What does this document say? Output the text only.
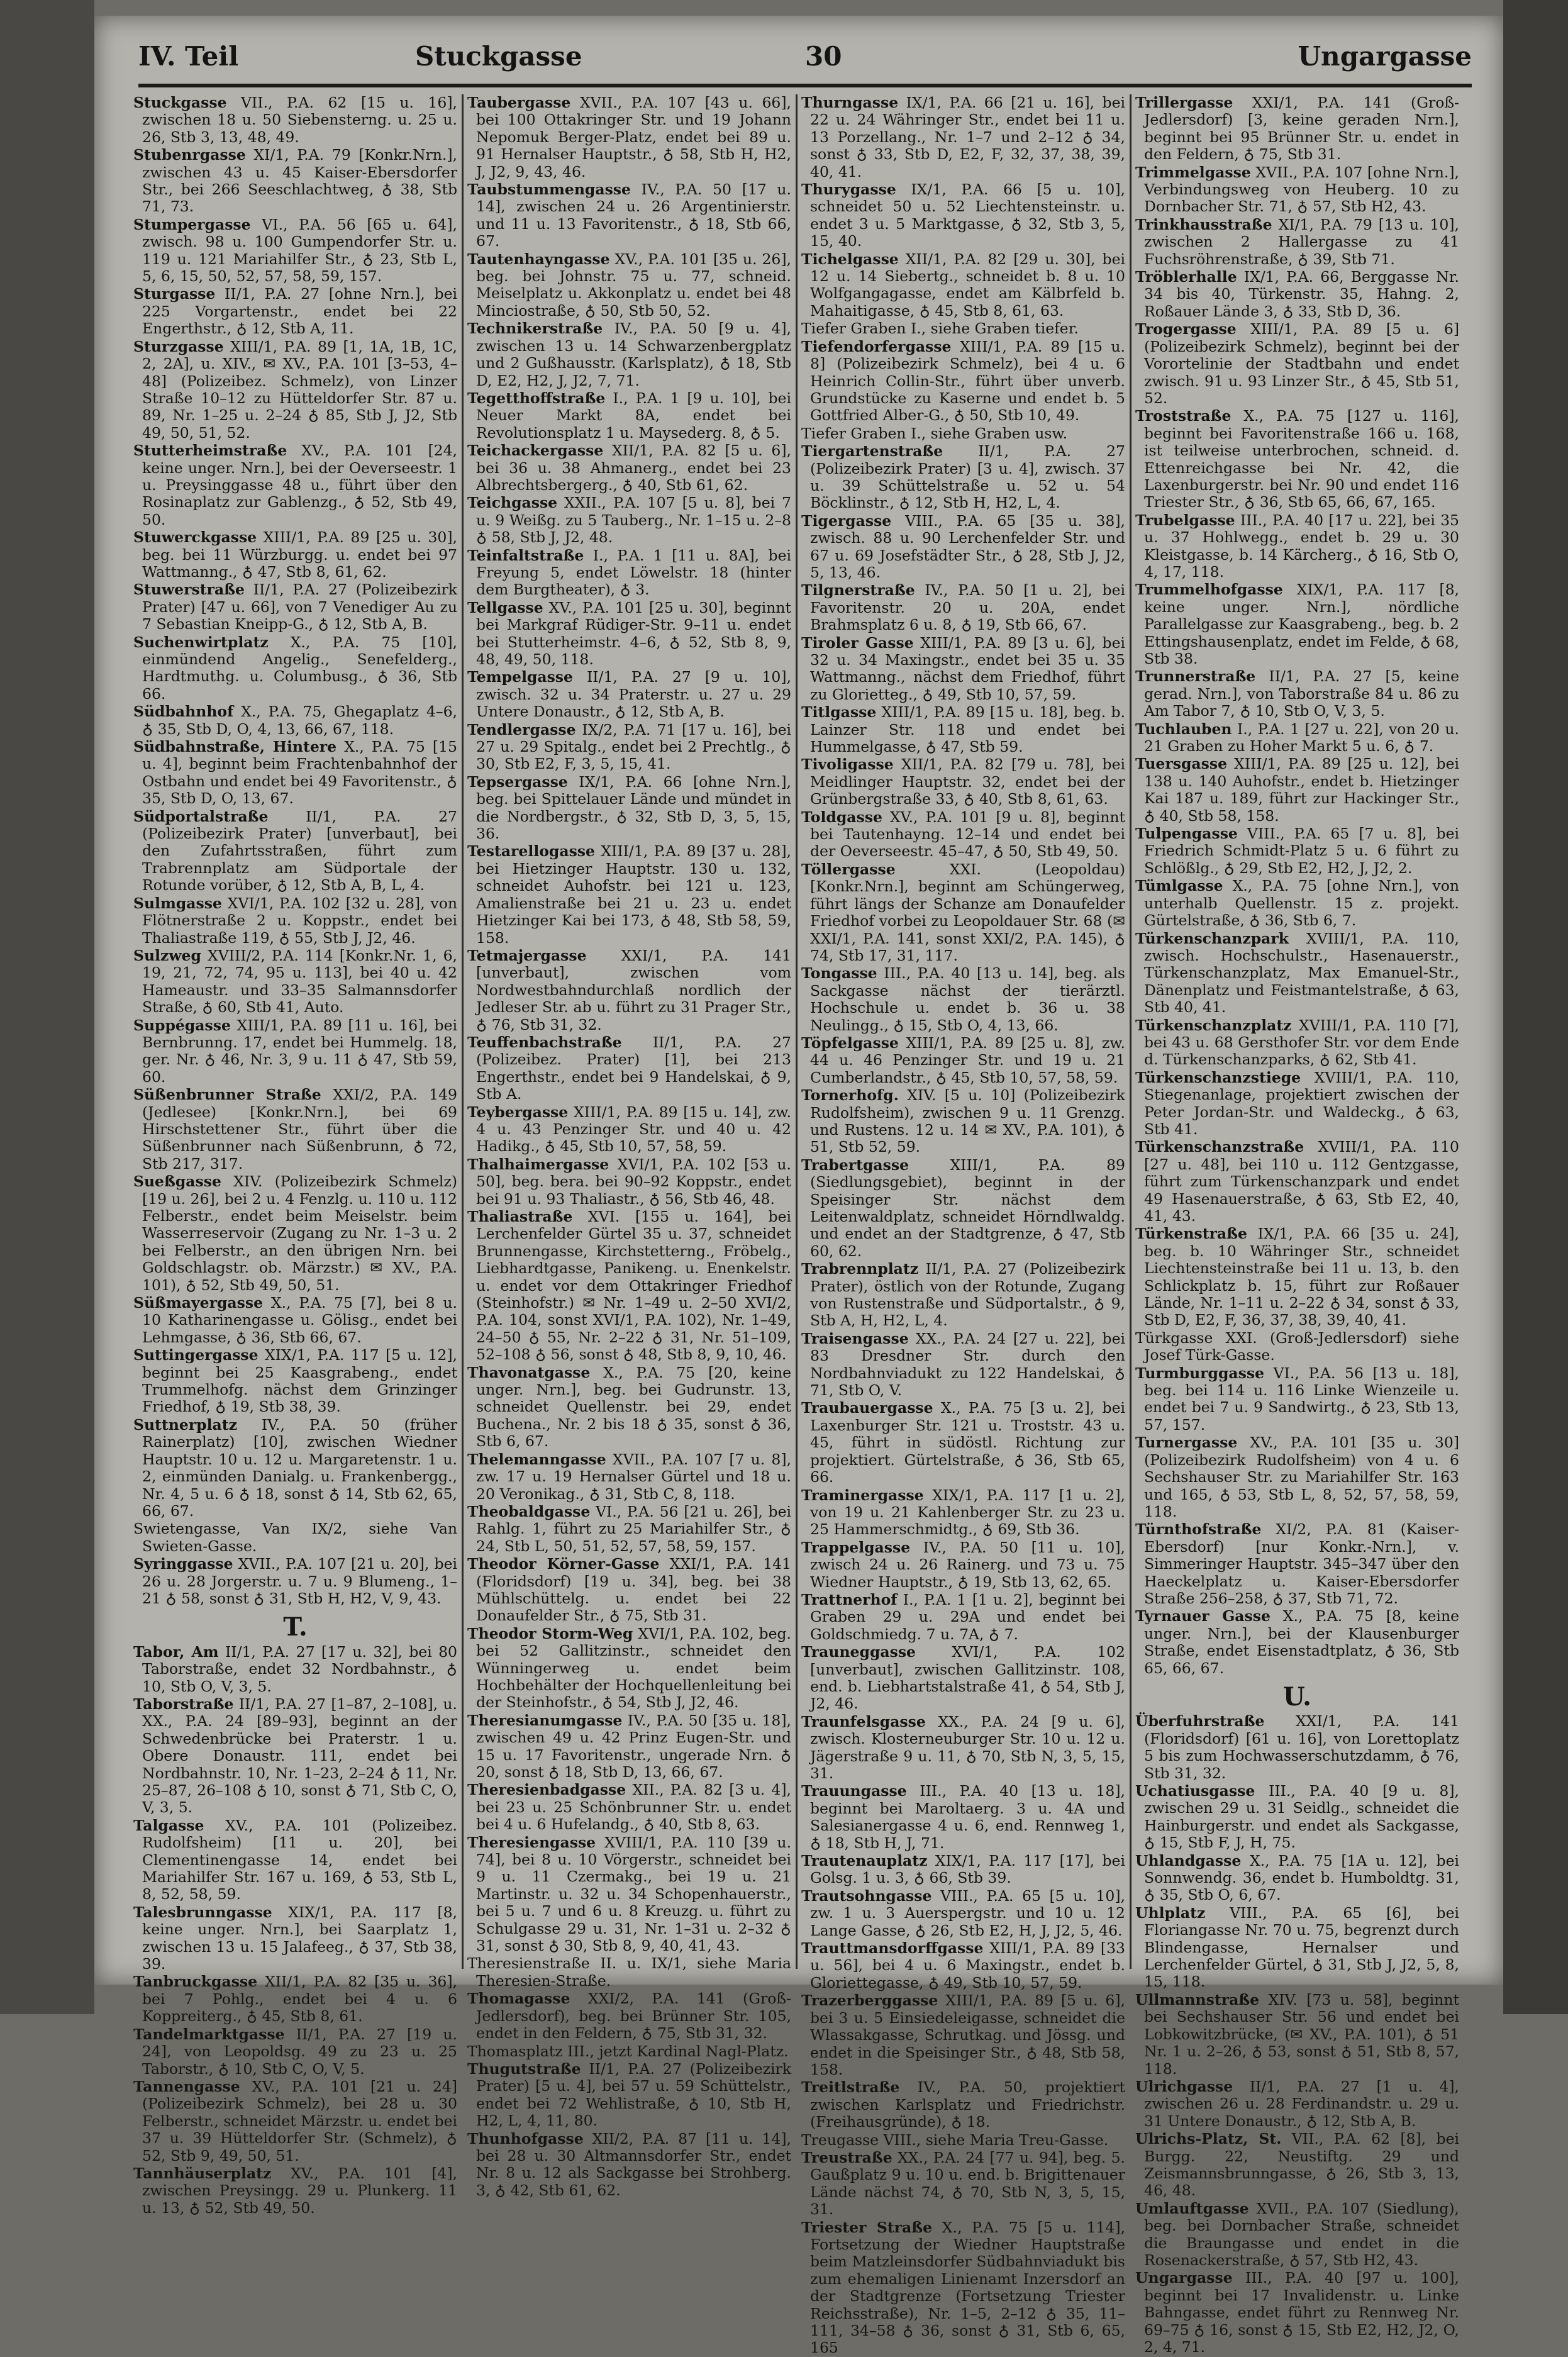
IV. Teil	Stuckgasse	30	Ungargasse
Stuckgasse VII., P.A. 62 [15 u. 16], zwischen 18 u. 50 Siebensterng. u. 25 u. 26, Stb 3, 13, 48, 49.
Stubenrgasse XI/1, P.A. 79 [Konkr.Nrn.], zwischen 43 u. 45 Kaiser-Ebersdorfer Str., bei 266 Seeschlachtweg, ♁ 38, Stb 71, 73.
Stumpergasse VI., P.A. 56 [65 u. 64], zwisch. 98 u. 100 Gumpendorfer Str. u. 119 u. 121 Mariahilfer Str., ♁ 23, Stb L, 5, 6, 15, 50, 52, 57, 58, 59, 157.
Sturgasse II/1, P.A. 27 [ohne Nrn.], bei 225 Vorgartenstr., endet bei 22 Engerthstr., ♁ 12, Stb A, 11.
Sturzgasse XIII/1, P.A. 89 [1, 1A, 1B, 1C, 2, 2A], u. XIV., ✉ XV., P.A. 101 [3–53, 4–48] (Polizeibez. Schmelz), von Linzer Straße 10–12 zu Hütteldorfer Str. 87 u. 89, Nr. 1–25 u. 2–24 ♁ 85, Stb J, J2, Stb 49, 50, 51, 52.
Stutterheimstraße XV., P.A. 101 [24, keine unger. Nrn.], bei der Oeverseestr. 1 u. Preysinggasse 48 u., führt über den Rosinaplatz zur Gablenzg., ♁ 52, Stb 49, 50.
Stuwerckgasse XIII/1, P.A. 89 [25 u. 30], beg. bei 11 Würzburgg. u. endet bei 97 Wattmanng., ♁ 47, Stb 8, 61, 62.
Stuwerstraße II/1, P.A. 27 (Polizeibezirk Prater) [47 u. 66], von 7 Venediger Au zu 7 Sebastian Kneipp-G., ♁ 12, Stb A, B.
Suchenwirtplatz X., P.A. 75 [10], einmündend Angelig., Senefelderg., Hardtmuthg. u. Columbusg., ♁ 36, Stb 66.
Südbahnhof X., P.A. 75, Ghegaplatz 4–6, ♁ 35, Stb D, O, 4, 13, 66, 67, 118.
Südbahnstraße, Hintere X., P.A. 75 [15 u. 4], beginnt beim Frachtenbahnhof der Ostbahn und endet bei 49 Favoritenstr., ♁ 35, Stb D, O, 13, 67.
Südportalstraße II/1, P.A. 27 (Polizeibezirk Prater) [unverbaut], bei den Zufahrtsstraßen, führt zum Trabrennplatz am Südportale der Rotunde vorüber, ♁ 12, Stb A, B, L, 4.
Sulmgasse XVI/1, P.A. 102 [32 u. 28], von Flötnerstraße 2 u. Koppstr., endet bei Thaliastraße 119, ♁ 55, Stb J, J2, 46.
Sulzweg XVIII/2, P.A. 114 [Konkr.Nr. 1, 6, 19, 21, 72, 74, 95 u. 113], bei 40 u. 42 Hameaustr. und 33–35 Salmannsdorfer Straße, ♁ 60, Stb 41, Auto.
Suppégasse XIII/1, P.A. 89 [11 u. 16], bei Bernbrunng. 17, endet bei Hummelg. 18, ger. Nr. ♁ 46, Nr. 3, 9 u. 11 ♁ 47, Stb 59, 60.
Süßenbrunner Straße XXI/2, P.A. 149 (Jedlesee) [Konkr.Nrn.], bei 69 Hirschstettener Str., führt über die Süßenbrunner nach Süßenbrunn, ♁ 72, Stb 217, 317.
Sueßgasse XIV. (Polizeibezirk Schmelz) [19 u. 26], bei 2 u. 4 Fenzlg. u. 110 u. 112 Felberstr., endet beim Meiselstr. beim Wasserreservoir (Zugang zu Nr. 1–3 u. 2 bei Felberstr., an den übrigen Nrn. bei Goldschlagstr. ob. Märzstr.) ✉ XV., P.A. 101), ♁ 52, Stb 49, 50, 51.
Süßmayergasse X., P.A. 75 [7], bei 8 u. 10 Katharinengasse u. Gölisg., endet bei Lehmgasse, ♁ 36, Stb 66, 67.
Suttingergasse XIX/1, P.A. 117 [5 u. 12], beginnt bei 25 Kaasgrabeng., endet Trummelhofg. nächst dem Grinzinger Friedhof, ♁ 19, Stb 38, 39.
Suttnerplatz IV., P.A. 50 (früher Rainerplatz) [10], zwischen Wiedner Hauptstr. 10 u. 12 u. Margaretenstr. 1 u. 2, einmünden Danialg. u. Frankenbergg., Nr. 4, 5 u. 6 ♁ 18, sonst ♁ 14, Stb 62, 65, 66, 67.
Swietengasse, Van IX/2, siehe Van Swieten-Gasse.
Syringgasse XVII., P.A. 107 [21 u. 20], bei 26 u. 28 Jorgerstr. u. 7 u. 9 Blumeng., 1–21 ♁ 58, sonst ♁ 31, Stb H, H2, V, 9, 43.
T.
Tabor, Am II/1, P.A. 27 [17 u. 32], bei 80 Taborstraße, endet 32 Nordbahnstr., ♁ 10, Stb O, V, 3, 5.
Taborstraße II/1, P.A. 27 [1–87, 2–108], u. XX., P.A. 24 [89–93], beginnt an der Schwedenbrücke bei Praterstr. 1 u. Obere Donaustr. 111, endet bei Nordbahnstr. 10, Nr. 1–23, 2–24 ♁ 11, Nr. 25–87, 26–108 ♁ 10, sonst ♁ 71, Stb C, O, V, 3, 5.
Talgasse XV., P.A. 101 (Polizeibez. Rudolfsheim) [11 u. 20], bei Clementinengasse 14, endet bei Mariahilfer Str. 167 u. 169, ♁ 53, Stb L, 8, 52, 58, 59.
Talesbrunngasse XIX/1, P.A. 117 [8, keine unger. Nrn.], bei Saarplatz 1, zwischen 13 u. 15 Jalafeeg., ♁ 37, Stb 38, 39.
Tanbruckgasse XII/1, P.A. 82 [35 u. 36], bei 7 Pohlg., endet bei 4 u. 6 Koppreiterg., ♁ 45, Stb 8, 61.
Tandelmarktgasse II/1, P.A. 27 [19 u. 24], von Leopoldsg. 49 zu 23 u. 25 Taborstr., ♁ 10, Stb C, O, V, 5.
Tannengasse XV., P.A. 101 [21 u. 24] (Polizeibezirk Schmelz), bei 28 u. 30 Felberstr., schneidet Märzstr. u. endet bei 37 u. 39 Hütteldorfer Str. (Schmelz), ♁ 52, Stb 9, 49, 50, 51.
Tannhäuserplatz XV., P.A. 101 [4], zwischen Preysingg. 29 u. Plunkerg. 11 u. 13, ♁ 52, Stb 49, 50.
Taubergasse XVII., P.A. 107 [43 u. 66], bei 100 Ottakringer Str. und 19 Johann Nepomuk Berger-Platz, endet bei 89 u. 91 Hernalser Hauptstr., ♁ 58, Stb H, H2, J, J2, 9, 43, 46.
Taubstummengasse IV., P.A. 50 [17 u. 14], zwischen 24 u. 26 Argentinierstr. und 11 u. 13 Favoritenstr., ♁ 18, Stb 66, 67.
Tautenhayngasse XV., P.A. 101 [35 u. 26], beg. bei Johnstr. 75 u. 77, schneid. Meiselplatz u. Akkonplatz u. endet bei 48 Minciostraße, ♁ 50, Stb 50, 52.
Technikerstraße IV., P.A. 50 [9 u. 4], zwischen 13 u. 14 Schwarzenbergplatz und 2 Gußhausstr. (Karlsplatz), ♁ 18, Stb D, E2, H2, J, J2, 7, 71.
Tegetthoffstraße I., P.A. 1 [9 u. 10], bei Neuer Markt 8A, endet bei Revolutionsplatz 1 u. Maysederg. 8, ♁ 5.
Teichackergasse XII/1, P.A. 82 [5 u. 6], bei 36 u. 38 Ahmanerg., endet bei 23 Albrechtsbergerg., ♁ 40, Stb 61, 62.
Teichgasse XXII., P.A. 107 [5 u. 8], bei 7 u. 9 Weißg. zu 5 Tauberg., Nr. 1–15 u. 2–8 ♁ 58, Stb J, J2, 48.
Teinfaltstraße I., P.A. 1 [11 u. 8A], bei Freyung 5, endet Löwelstr. 18 (hinter dem Burgtheater), ♁ 3.
Tellgasse XV., P.A. 101 [25 u. 30], beginnt bei Markgraf Rüdiger-Str. 9–11 u. endet bei Stutterheimstr. 4–6, ♁ 52, Stb 8, 9, 48, 49, 50, 118.
Tempelgasse II/1, P.A. 27 [9 u. 10], zwisch. 32 u. 34 Praterstr. u. 27 u. 29 Untere Donaustr., ♁ 12, Stb A, B.
Tendlergasse IX/2, P.A. 71 [17 u. 16], bei 27 u. 29 Spitalg., endet bei 2 Prechtlg., ♁ 30, Stb E2, F, 3, 5, 15, 41.
Tepsergasse IX/1, P.A. 66 [ohne Nrn.], beg. bei Spittelauer Lände und mündet in die Nordbergstr., ♁ 32, Stb D, 3, 5, 15, 36.
Testarellogasse XIII/1, P.A. 89 [37 u. 28], bei Hietzinger Hauptstr. 130 u. 132, schneidet Auhofstr. bei 121 u. 123, Amalienstraße bei 21 u. 23 u. endet Hietzinger Kai bei 173, ♁ 48, Stb 58, 59, 158.
Tetmajergasse XXI/1, P.A. 141 [unverbaut], zwischen vom Nordwestbahndurchlaß nordlich der Jedleser Str. ab u. führt zu 31 Prager Str., ♁ 76, Stb 31, 32.
Teuffenbachstraße II/1, P.A. 27 (Polizeibez. Prater) [1], bei 213 Engerthstr., endet bei 9 Handelskai, ♁ 9, Stb A.
Teybergasse XIII/1, P.A. 89 [15 u. 14], zw. 4 u. 43 Penzinger Str. und 40 u. 42 Hadikg., ♁ 45, Stb 10, 57, 58, 59.
Thalhaimergasse XVI/1, P.A. 102 [53 u. 50], beg. bera. bei 90–92 Koppstr., endet bei 91 u. 93 Thaliastr., ♁ 56, Stb 46, 48.
Thaliastraße XVI. [155 u. 164], bei Lerchenfelder Gürtel 35 u. 37, schneidet Brunnengasse, Kirchstetterng., Fröbelg., Liebhardtgasse, Panikeng. u. Enenkelstr. u. endet vor dem Ottakringer Friedhof (Steinhofstr.) ✉ Nr. 1–49 u. 2–50 XVI/2, P.A. 104, sonst XVI/1, P.A. 102), Nr. 1–49, 24–50 ♁ 55, Nr. 2–22 ♁ 31, Nr. 51–109, 52–108 ♁ 56, sonst ♁ 48, Stb 8, 9, 10, 46.
Thavonatgasse X., P.A. 75 [20, keine unger. Nrn.], beg. bei Gudrunstr. 13, schneidet Quellenstr. bei 29, endet Buchena., Nr. 2 bis 18 ♁ 35, sonst ♁ 36, Stb 6, 67.
Thelemanngasse XVII., P.A. 107 [7 u. 8], zw. 17 u. 19 Hernalser Gürtel und 18 u. 20 Veronikag., ♁ 31, Stb C, 8, 118.
Theobaldgasse VI., P.A. 56 [21 u. 26], bei Rahlg. 1, führt zu 25 Mariahilfer Str., ♁ 24, Stb L, 50, 51, 52, 57, 58, 59, 157.
Theodor Körner-Gasse XXI/1, P.A. 141 (Floridsdorf) [19 u. 34], beg. bei 38 Mühlschüttelg. u. endet bei 22 Donaufelder Str., ♁ 75, Stb 31.
Theodor Storm-Weg XVI/1, P.A. 102, beg. bei 52 Gallitzinstr., schneidet den Wünningerweg u. endet beim Hochbehälter der Hochquellenleitung bei der Steinhofstr., ♁ 54, Stb J, J2, 46.
Theresianumgasse IV., P.A. 50 [35 u. 18], zwischen 49 u. 42 Prinz Eugen-Str. und 15 u. 17 Favoritenstr., ungerade Nrn. ♁ 20, sonst ♁ 18, Stb D, 13, 66, 67.
Theresienbadgasse XII., P.A. 82 [3 u. 4], bei 23 u. 25 Schönbrunner Str. u. endet bei 4 u. 6 Hufelandg., ♁ 40, Stb 8, 63.
Theresiengasse XVIII/1, P.A. 110 [39 u. 74], bei 8 u. 10 Vörgerstr., schneidet bei 9 u. 11 Czermakg., bei 19 u. 21 Martinstr. u. 32 u. 34 Schopenhauerstr., bei 5 u. 7 und 6 u. 8 Kreuzg. u. führt zu Schulgasse 29 u. 31, Nr. 1–31 u. 2–32 ♁ 31, sonst ♁ 30, Stb 8, 9, 40, 41, 43.
Theresienstraße II. u. IX/1, siehe Maria Theresien-Straße.
Thomagasse XXI/2, P.A. 141 (Groß-Jedlersdorf), beg. bei Brünner Str. 105, endet in den Feldern, ♁ 75, Stb 31, 32.
Thomasplatz III., jetzt Kardinal Nagl-Platz.
Thugutstraße II/1, P.A. 27 (Polizeibezirk Prater) [5 u. 4], bei 57 u. 59 Schüttelstr., endet bei 72 Wehlistraße, ♁ 10, Stb H, H2, L, 4, 11, 80.
Thunhofgasse XII/2, P.A. 87 [11 u. 14], bei 28 u. 30 Altmannsdorfer Str., endet Nr. 8 u. 12 als Sackgasse bei Strohberg. 3, ♁ 42, Stb 61, 62.
Thurngasse IX/1, P.A. 66 [21 u. 16], bei 22 u. 24 Währinger Str., endet bei 11 u. 13 Porzellang., Nr. 1–7 und 2–12 ♁ 34, sonst ♁ 33, Stb D, E2, F, 32, 37, 38, 39, 40, 41.
Thurygasse IX/1, P.A. 66 [5 u. 10], schneidet 50 u. 52 Liechtensteinstr. u. endet 3 u. 5 Marktgasse, ♁ 32, Stb 3, 5, 15, 40.
Tichelgasse XII/1, P.A. 82 [29 u. 30], bei 12 u. 14 Siebertg., schneidet b. 8 u. 10 Wolfgangagasse, endet am Kälbrfeld b. Mahaitigasse, ♁ 45, Stb 8, 61, 63.
Tiefer Graben I., siehe Graben tiefer.
Tiefendorfergasse XIII/1, P.A. 89 [15 u. 8] (Polizeibezirk Schmelz), bei 4 u. 6 Heinrich Collin-Str., führt über unverb. Grundstücke zu Kaserne und endet b. 5 Gottfried Alber-G., ♁ 50, Stb 10, 49.
Tiefer Graben I., siehe Graben usw.
Tiergartenstraße II/1, P.A. 27 (Polizeibezirk Prater) [3 u. 4], zwisch. 37 u. 39 Schüttelstraße u. 52 u. 54 Böcklinstr., ♁ 12, Stb H, H2, L, 4.
Tigergasse VIII., P.A. 65 [35 u. 38], zwisch. 88 u. 90 Lerchenfelder Str. und 67 u. 69 Josefstädter Str., ♁ 28, Stb J, J2, 5, 13, 46.
Tilgnerstraße IV., P.A. 50 [1 u. 2], bei Favoritenstr. 20 u. 20A, endet Brahmsplatz 6 u. 8, ♁ 19, Stb 66, 67.
Tiroler Gasse XIII/1, P.A. 89 [3 u. 6], bei 32 u. 34 Maxingstr., endet bei 35 u. 35 Wattmanng., nächst dem Friedhof, führt zu Glorietteg., ♁ 49, Stb 10, 57, 59.
Titlgasse XIII/1, P.A. 89 [15 u. 18], beg. b. Lainzer Str. 118 und endet bei Hummelgasse, ♁ 47, Stb 59.
Tivoligasse XII/1, P.A. 82 [79 u. 78], bei Meidlinger Hauptstr. 32, endet bei der Grünbergstraße 33, ♁ 40, Stb 8, 61, 63.
Toldgasse XV., P.A. 101 [9 u. 8], beginnt bei Tautenhayng. 12–14 und endet bei der Oeverseestr. 45–47, ♁ 50, Stb 49, 50.
Töllergasse XXI. (Leopoldau) [Konkr.Nrn.], beginnt am Schüngerweg, führt längs der Schanze am Donaufelder Friedhof vorbei zu Leopoldauer Str. 68 (✉ XXI/1, P.A. 141, sonst XXI/2, P.A. 145), ♁ 74, Stb 17, 31, 117.
Tongasse III., P.A. 40 [13 u. 14], beg. als Sackgasse nächst der tierärztl. Hochschule u. endet b. 36 u. 38 Neulingg., ♁ 15, Stb O, 4, 13, 66.
Töpfelgasse XIII/1, P.A. 89 [25 u. 8], zw. 44 u. 46 Penzinger Str. und 19 u. 21 Cumberlandstr., ♁ 45, Stb 10, 57, 58, 59.
Tornerhofg. XIV. [5 u. 10] (Polizeibezirk Rudolfsheim), zwischen 9 u. 11 Grenzg. und Rustens. 12 u. 14 ✉ XV., P.A. 101), ♁ 51, Stb 52, 59.
Trabertgasse XIII/1, P.A. 89 (Siedlungsgebiet), beginnt in der Speisinger Str. nächst dem Leitenwaldplatz, schneidet Hörndlwaldg. und endet an der Stadtgrenze, ♁ 47, Stb 60, 62.
Trabrennplatz II/1, P.A. 27 (Polizeibezirk Prater), östlich von der Rotunde, Zugang von Rustenstraße und Südportalstr., ♁ 9, Stb A, H, H2, L, 4.
Traisengasse XX., P.A. 24 [27 u. 22], bei 83 Dresdner Str. durch den Nordbahnviadukt zu 122 Handelskai, ♁ 71, Stb O, V.
Traubauergasse X., P.A. 75 [3 u. 2], bei Laxenburger Str. 121 u. Troststr. 43 u. 45, führt in südöstl. Richtung zur projektiert. Gürtelstraße, ♁ 36, Stb 65, 66.
Traminergasse XIX/1, P.A. 117 [1 u. 2], von 19 u. 21 Kahlenberger Str. zu 23 u. 25 Hammerschmidtg., ♁ 69, Stb 36.
Trappelgasse IV., P.A. 50 [11 u. 10], zwisch 24 u. 26 Rainerg. und 73 u. 75 Wiedner Hauptstr., ♁ 19, Stb 13, 62, 65.
Trattnerhof I., P.A. 1 [1 u. 2], beginnt bei Graben 29 u. 29A und endet bei Goldschmiedg. 7 u. 7A, ♁ 7.
Trauneggasse XVI/1, P.A. 102 [unverbaut], zwischen Gallitzinstr. 108, end. b. Liebhartstalstraße 41, ♁ 54, Stb J, J2, 46.
Traunfelsgasse XX., P.A. 24 [9 u. 6], zwisch. Klosterneuburger Str. 10 u. 12 u. Jägerstraße 9 u. 11, ♁ 70, Stb N, 3, 5, 15, 31.
Trauungasse III., P.A. 40 [13 u. 18], beginnt bei Maroltaerg. 3 u. 4A und Salesianergasse 4 u. 6, end. Rennweg 1, ♁ 18, Stb H, J, 71.
Trautenauplatz XIX/1, P.A. 117 [17], bei Golsg. 1 u. 3, ♁ 66, Stb 39.
Trautsohngasse VIII., P.A. 65 [5 u. 10], zw. 1 u. 3 Auerspergstr. und 10 u. 12 Lange Gasse, ♁ 26, Stb E2, H, J, J2, 5, 46.
Trauttmansdorffgasse XIII/1, P.A. 89 [33 u. 56], bei 4 u. 6 Maxingstr., endet b. Gloriettegasse, ♁ 49, Stb 10, 57, 59.
Trazerberggasse XIII/1, P.A. 89 [5 u. 6], bei 3 u. 5 Einsiedeleigasse, schneidet die Wlassakgasse, Schrutkag. und Jössg. und endet in die Speisinger Str., ♁ 48, Stb 58, 158.
Treitlstraße IV., P.A. 50, projektiert zwischen Karlsplatz und Friedrichstr. (Freihausgründe), ♁ 18.
Treugasse VIII., siehe Maria Treu-Gasse.
Treustraße XX., P.A. 24 [77 u. 94], beg. 5. Gaußplatz 9 u. 10 u. end. b. Brigittenauer Lände nächst 74, ♁ 70, Stb N, 3, 5, 15, 31.
Triester Straße X., P.A. 75 [5 u. 114], Fortsetzung der Wiedner Hauptstraße beim Matzleinsdorfer Südbahnviadukt bis zum ehemaligen Linienamt Inzersdorf an der Stadtgrenze (Fortsetzung Triester Reichsstraße), Nr. 1–5, 2–12 ♁ 35, 11–111, 34–58 ♁ 36, sonst ♁ 31, Stb 6, 65, 165
Trillergasse XXI/1, P.A. 141 (Groß-Jedlersdorf) [3, keine geraden Nrn.], beginnt bei 95 Brünner Str. u. endet in den Feldern, ♁ 75, Stb 31.
Trimmelgasse XVII., P.A. 107 [ohne Nrn.], Verbindungsweg von Heuberg. 10 zu Dornbacher Str. 71, ♁ 57, Stb H2, 43.
Trinkhausstraße XI/1, P.A. 79 [13 u. 10], zwischen 2 Hallergasse zu 41 Fuchsröhrenstraße, ♁ 39, Stb 71.
Tröblerhalle IX/1, P.A. 66, Berggasse Nr. 34 bis 40, Türkenstr. 35, Hahng. 2, Roßauer Lände 3, ♁ 33, Stb D, 36.
Trogergasse XIII/1, P.A. 89 [5 u. 6] (Polizeibezirk Schmelz), beginnt bei der Vorortelinie der Stadtbahn und endet zwisch. 91 u. 93 Linzer Str., ♁ 45, Stb 51, 52.
Troststraße X., P.A. 75 [127 u. 116], beginnt bei Favoritenstraße 166 u. 168, ist teilweise unterbrochen, schneid. d. Ettenreichgasse bei Nr. 42, die Laxenburgerstr. bei Nr. 90 und endet 116 Triester Str., ♁ 36, Stb 65, 66, 67, 165.
Trubelgasse III., P.A. 40 [17 u. 22], bei 35 u. 37 Hohlwegg., endet b. 29 u. 30 Kleistgasse, b. 14 Kärcherg., ♁ 16, Stb O, 4, 17, 118.
Trummelhofgasse XIX/1, P.A. 117 [8, keine unger. Nrn.], nördliche Parallelgasse zur Kaasgrabeng., beg. b. 2 Ettingshausenplatz, endet im Felde, ♁ 68, Stb 38.
Trunnerstraße II/1, P.A. 27 [5, keine gerad. Nrn.], von Taborstraße 84 u. 86 zu Am Tabor 7, ♁ 10, Stb O, V, 3, 5.
Tuchlauben I., P.A. 1 [27 u. 22], von 20 u. 21 Graben zu Hoher Markt 5 u. 6, ♁ 7.
Tuersgasse XIII/1, P.A. 89 [25 u. 12], bei 138 u. 140 Auhofstr., endet b. Hietzinger Kai 187 u. 189, führt zur Hackinger Str., ♁ 40, Stb 58, 158.
Tulpengasse VIII., P.A. 65 [7 u. 8], bei Friedrich Schmidt-Platz 5 u. 6 führt zu Schlößlg., ♁ 29, Stb E2, H2, J, J2, 2.
Tümlgasse X., P.A. 75 [ohne Nrn.], von unterhalb Quellenstr. 15 z. projekt. Gürtelstraße, ♁ 36, Stb 6, 7.
Türkenschanzpark XVIII/1, P.A. 110, zwisch. Hochschulstr., Hasenauerstr., Türkenschanzplatz, Max Emanuel-Str., Dänenplatz und Feistmantelstraße, ♁ 63, Stb 40, 41.
Türkenschanzplatz XVIII/1, P.A. 110 [7], bei 43 u. 68 Gersthofer Str. vor dem Ende d. Türkenschanzparks, ♁ 62, Stb 41.
Türkenschanzstiege XVIII/1, P.A. 110, Stiegenanlage, projektiert zwischen der Peter Jordan-Str. und Waldeckg., ♁ 63, Stb 41.
Türkenschanzstraße XVIII/1, P.A. 110 [27 u. 48], bei 110 u. 112 Gentzgasse, führt zum Türkenschanzpark und endet 49 Hasenauerstraße, ♁ 63, Stb E2, 40, 41, 43.
Türkenstraße IX/1, P.A. 66 [35 u. 24], beg. b. 10 Währinger Str., schneidet Liechtensteinstraße bei 11 u. 13, b. den Schlickplatz b. 15, führt zur Roßauer Lände, Nr. 1–11 u. 2–22 ♁ 34, sonst ♁ 33, Stb D, E2, F, 36, 37, 38, 39, 40, 41.
Türkgasse XXI. (Groß-Jedlersdorf) siehe Josef Türk-Gasse.
Turmburggasse VI., P.A. 56 [13 u. 18], beg. bei 114 u. 116 Linke Wienzeile u. endet bei 7 u. 9 Sandwirtg., ♁ 23, Stb 13, 57, 157.
Turnergasse XV., P.A. 101 [35 u. 30] (Polizeibezirk Rudolfsheim) von 4 u. 6 Sechshauser Str. zu Mariahilfer Str. 163 und 165, ♁ 53, Stb L, 8, 52, 57, 58, 59, 118.
Türnthofstraße XI/2, P.A. 81 (Kaiser-Ebersdorf) [nur Konkr.-Nrn.], v. Simmeringer Hauptstr. 345–347 über den Haeckelplatz u. Kaiser-Ebersdorfer Straße 256–258, ♁ 37, Stb 71, 72.
Tyrnauer Gasse X., P.A. 75 [8, keine unger. Nrn.], bei der Klausenburger Straße, endet Eisenstadtplatz, ♁ 36, Stb 65, 66, 67.
U.
Überfuhrstraße XXI/1, P.A. 141 (Floridsdorf) [61 u. 16], von Lorettoplatz 5 bis zum Hochwasserschutzdamm, ♁ 76, Stb 31, 32.
Uchatiusgasse III., P.A. 40 [9 u. 8], zwischen 29 u. 31 Seidlg., schneidet die Hainburgerstr. und endet als Sackgasse, ♁ 15, Stb F, J, H, 75.
Uhlandgasse X., P.A. 75 [1A u. 12], bei Sonnwendg. 36, endet b. Humboldtg. 31, ♁ 35, Stb O, 6, 67.
Uhlplatz VIII., P.A. 65 [6], bei Floriangasse Nr. 70 u. 75, begrenzt durch Blindengasse, Hernalser und Lerchenfelder Gürtel, ♁ 31, Stb J, J2, 5, 8, 15, 118.
Ullmannstraße XIV. [73 u. 58], beginnt bei Sechshauser Str. 56 und endet bei Lobkowitzbrücke, (✉ XV., P.A. 101), ♁ 51 Nr. 1 u. 2–26, ♁ 53, sonst ♁ 51, Stb 8, 57, 118.
Ulrichgasse II/1, P.A. 27 [1 u. 4], zwischen 26 u. 28 Ferdinandstr. u. 29 u. 31 Untere Donaustr., ♁ 12, Stb A, B.
Ulrichs-Platz, St. VII., P.A. 62 [8], bei Burgg. 22, Neustiftg. 29 und Zeismannsbrunngasse, ♁ 26, Stb 3, 13, 46, 48.
Umlauftgasse XVII., P.A. 107 (Siedlung), beg. bei Dornbacher Straße, schneidet die Braungasse und endet in die Rosenackerstraße, ♁ 57, Stb H2, 43.
Ungargasse III., P.A. 40 [97 u. 100], beginnt bei 17 Invalidenstr. u. Linke Bahngasse, endet führt zu Rennweg Nr. 69–75 ♁ 16, sonst ♁ 15, Stb E2, H2, J2, O, 2, 4, 71.
